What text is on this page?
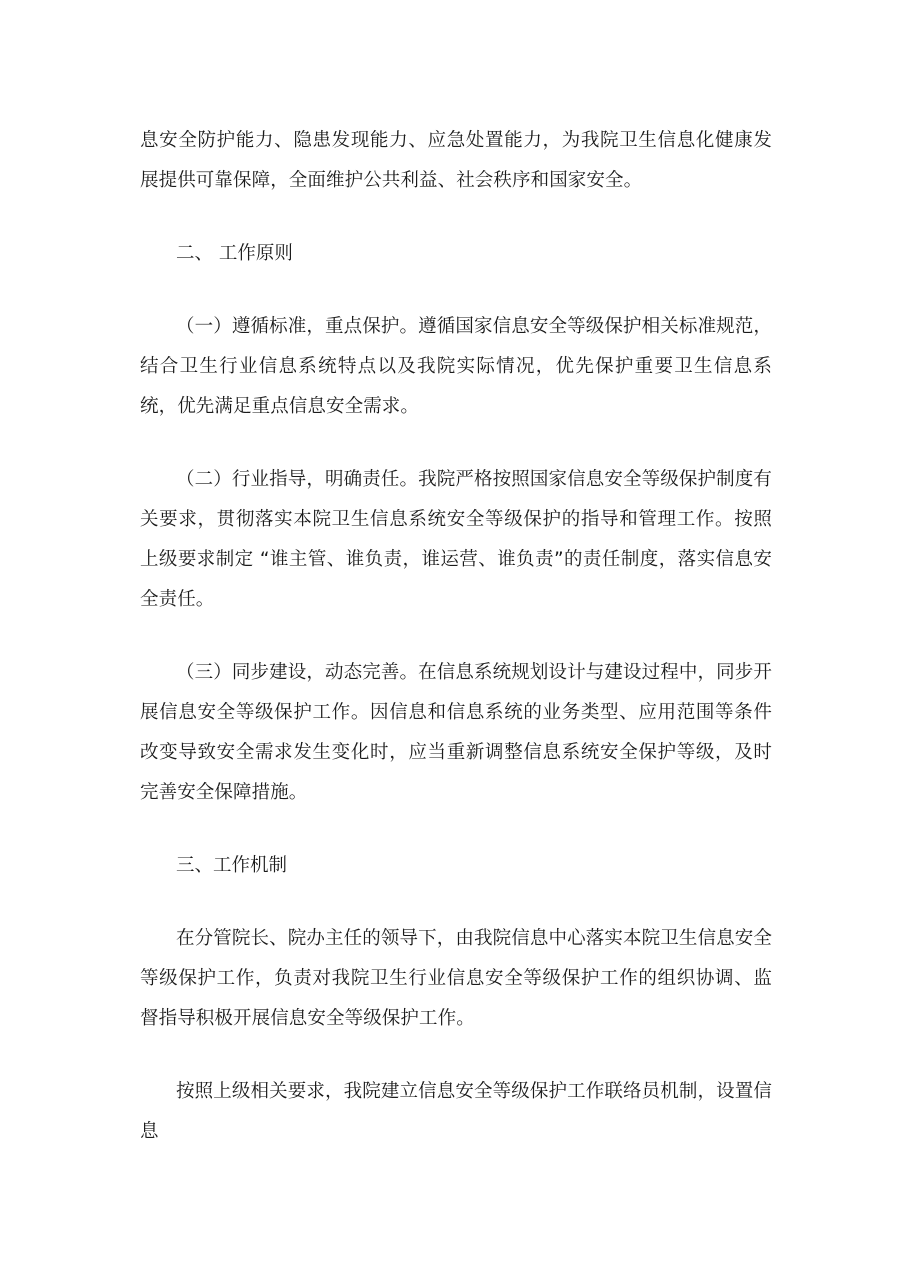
息安全防护能力、隐患发现能力、应急处置能力，为我院卫生信息化健康发展提供可靠保障，全面维护公共利益、社会秩序和国家安全。

二、 工作原则

（一）遵循标准，重点保护。遵循国家信息安全等级保护相关标准规范，结合卫生行业信息系统特点以及我院实际情况，优先保护重要卫生信息系统，优先满足重点信息安全需求。

（二）行业指导，明确责任。我院严格按照国家信息安全等级保护制度有关要求，贯彻落实本院卫生信息系统安全等级保护的指导和管理工作。按照上级要求制定 “谁主管、谁负责，谁运营、谁负责”的责任制度，落实信息安全责任。

（三）同步建设，动态完善。在信息系统规划设计与建设过程中，同步开展信息安全等级保护工作。因信息和信息系统的业务类型、应用范围等条件改变导致安全需求发生变化时，应当重新调整信息系统安全保护等级，及时完善安全保障措施。

三、工作机制

在分管院长、院办主任的领导下，由我院信息中心落实本院卫生信息安全等级保护工作，负责对我院卫生行业信息安全等级保护工作的组织协调、监督指导积极开展信息安全等级保护工作。

按照上级相关要求，我院建立信息安全等级保护工作联络员机制，设置信息
